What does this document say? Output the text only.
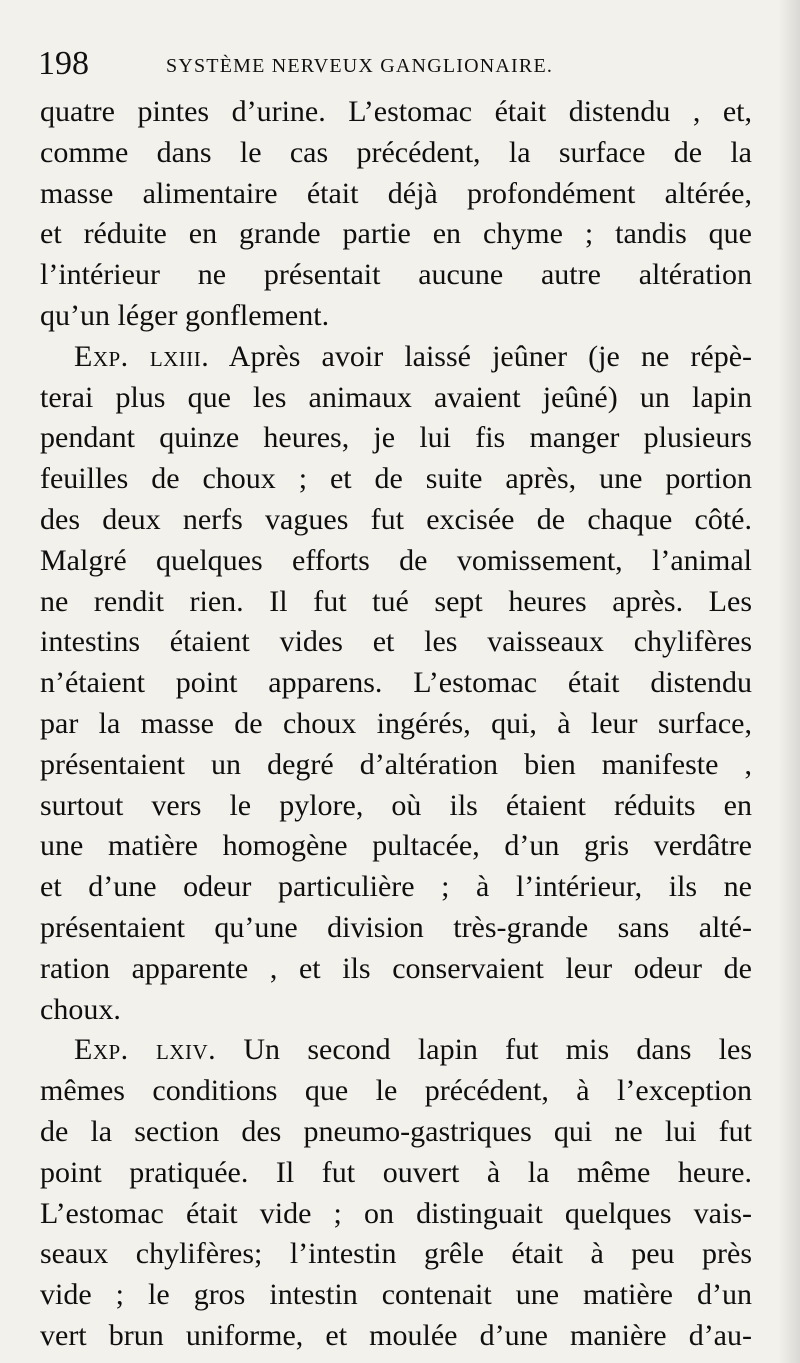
198	SYSTÈME NERVEUX GANGLIONAIRE.
quatre pintes d’urine. L’estomac était distendu , et,
comme dans le cas précédent, la surface de la
masse alimentaire était déjà profondément altérée,
et réduite en grande partie en chyme ; tandis que
l’intérieur ne présentait aucune autre altération
qu’un léger gonflement.
Exp. lxiii. Après avoir laissé jeûner (je ne répè-
terai plus que les animaux avaient jeûné) un lapin
pendant quinze heures, je lui fis manger plusieurs
feuilles de choux ; et de suite après, une portion
des deux nerfs vagues fut excisée de chaque côté.
Malgré quelques efforts de vomissement, l’animal
ne rendit rien. Il fut tué sept heures après. Les
intestins étaient vides et les vaisseaux chylifères
n’étaient point apparens. L’estomac était distendu
par la masse de choux ingérés, qui, à leur surface,
présentaient un degré d’altération bien manifeste ,
surtout vers le pylore, où ils étaient réduits en
une matière homogène pultacée, d’un gris verdâtre
et d’une odeur particulière ; à l’intérieur, ils ne
présentaient qu’une division très-grande sans alté-
ration apparente , et ils conservaient leur odeur de
choux.
Exp. lxiv. Un second lapin fut mis dans les
mêmes conditions que le précédent, à l’exception
de la section des pneumo-gastriques qui ne lui fut
point pratiquée. Il fut ouvert à la même heure.
L’estomac était vide ; on distinguait quelques vais-
seaux chylifères; l’intestin grêle était à peu près
vide ; le gros intestin contenait une matière d’un
vert brun uniforme, et moulée d’une manière d’au-
